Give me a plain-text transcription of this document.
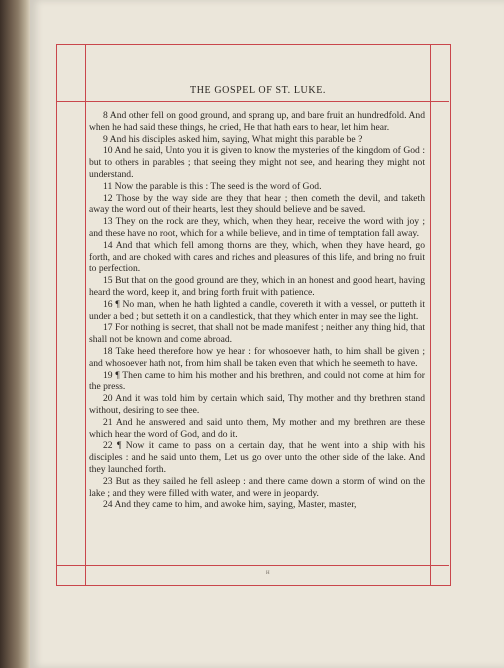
THE GOSPEL OF ST. LUKE.

8 And other fell on good ground, and sprang up, and bare fruit an hundredfold. And when he had said these things, he cried, He that hath ears to hear, let him hear.

9 And his disciples asked him, saying, What might this parable be ?

10 And he said, Unto you it is given to know the mysteries of the kingdom of God : but to others in parables ; that seeing they might not see, and hearing they might not understand.

11 Now the parable is this : The seed is the word of God.

12 Those by the way side are they that hear ; then cometh the devil, and taketh away the word out of their hearts, lest they should believe and be saved.

13 They on the rock are they, which, when they hear, receive the word with joy ; and these have no root, which for a while believe, and in time of temptation fall away.

14 And that which fell among thorns are they, which, when they have heard, go forth, and are choked with cares and riches and pleasures of this life, and bring no fruit to perfection.

15 But that on the good ground are they, which in an honest and good heart, having heard the word, keep it, and bring forth fruit with patience.

16 ¶ No man, when he hath lighted a candle, covereth it with a vessel, or putteth it under a bed ; but setteth it on a candlestick, that they which enter in may see the light.

17 For nothing is secret, that shall not be made manifest ; neither any thing hid, that shall not be known and come abroad.

18 Take heed therefore how ye hear : for whosoever hath, to him shall be given ; and whosoever hath not, from him shall be taken even that which he seemeth to have.

19 ¶ Then came to him his mother and his brethren, and could not come at him for the press.

20 And it was told him by certain which said, Thy mother and thy brethren stand without, desiring to see thee.

21 And he answered and said unto them, My mother and my brethren are these which hear the word of God, and do it.

22 ¶ Now it came to pass on a certain day, that he went into a ship with his disciples : and he said unto them, Let us go over unto the other side of the lake. And they launched forth.

23 But as they sailed he fell asleep : and there came down a storm of wind on the lake ; and they were filled with water, and were in jeopardy.

24 And they came to him, and awoke him, saying, Master, master,

H
